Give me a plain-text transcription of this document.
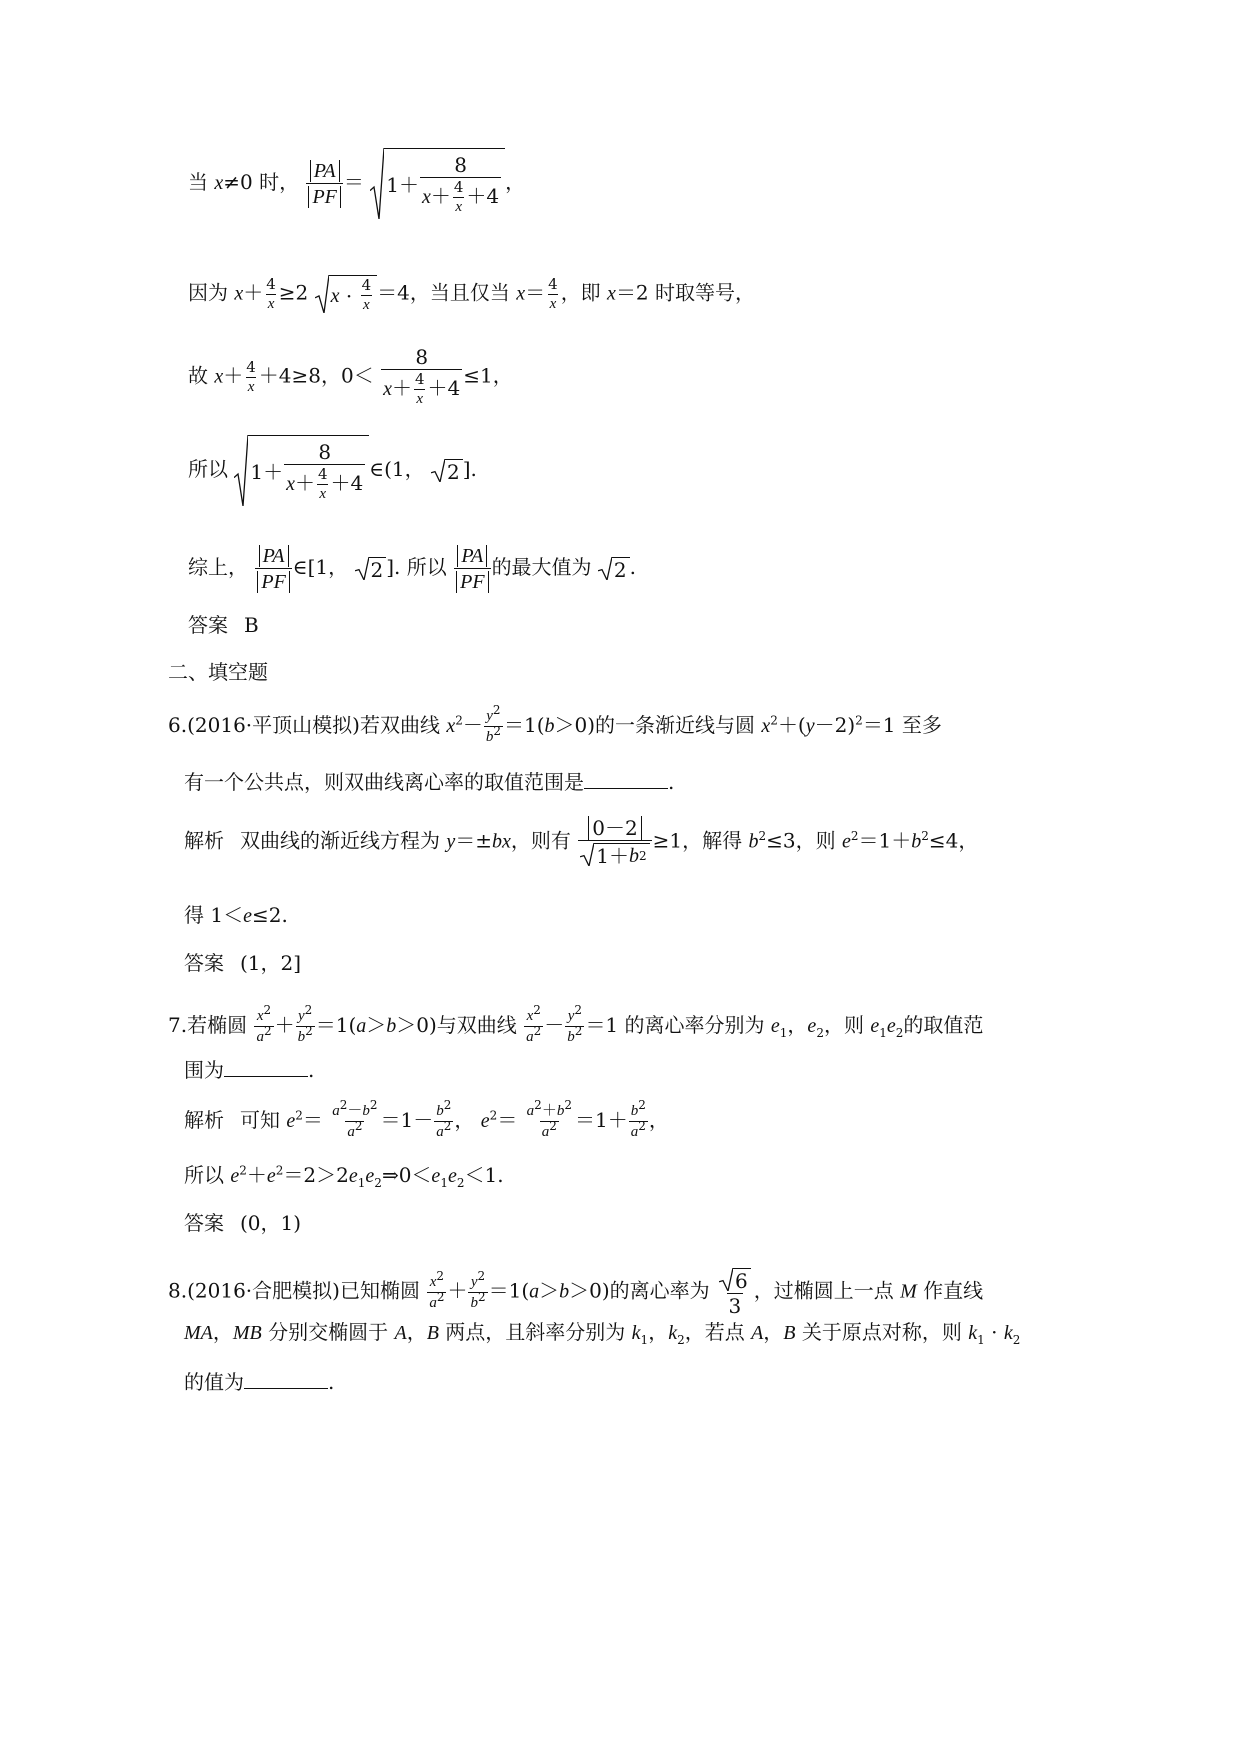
当 x≠0 时， $\frac{PA}{PF} = 1+ \frac{8}{x+ \frac{4}{x} +4}$ ，
因为 $x+ \frac{4}{x} \ge 2$ x
·
$\frac{4}{x} =4$，当且仅当 $x= \frac{4}{x}$ ，即 x＝2 时取等号，
故 $x+ \frac{4}{x} +4\ge 8$，$0< \frac{8}{x+ \frac{4}{x} +4} \le 1$，
所以 $1+ \frac{8}{x+ \frac{4}{x} +4}$ ∈(1， 2 ].
综上， $\frac{PA}{PF}$ ∈[1， 2 ]. 所以 $\frac{PA}{PF}$ 的最大值为 2 .
答案 B
二、填空题
6.(2016·平顶山模拟)若双曲线 $x^2- \frac{y^2}{b^2} =1(b>0)$的一条渐近线与圆 $x^2+(y-2)^2=1$ 至多
有一个公共点，则双曲线离心率的取值范围是	.
解析 双曲线的渐近线方程为 y＝±bx，则有 $\frac{0-2}{1+ b 2} \ge 1$，解得 $b^2\le 3$，则 $e^2=1+b^2\le 4$，
得 1＜e≤2.
答案 (1，2]
7.若椭圆 $\frac{x^2}{a^2} + \frac{y^2}{b^2} =1(a>b>0)$与双曲线 $\frac{x^2}{a^2} - \frac{y^2}{b^2} =1$ 的离心率分别为 $e_1$，$e_2$，则 $e_1e_2$的取值范
围为	.
解析 可知 $e^2= \frac{a^2-b^2}{a^2} =1- \frac{b^2}{a^2}$ ， $e^2= \frac{a^2+b^2}{a^2} =1+ \frac{b^2}{a^2}$ ，
所以 $e^2+e^2=2>2e_1e_2\Rightarrow 0<e_1e_2<1$.
答案 (0，1)
8.(2016·合肥模拟)已知椭圆 $\frac{x^2}{a^2} + \frac{y^2}{b^2} =1(a>b>0)$的离心率为 $\frac{6}{3}$ ，过椭圆上一点 M 作直线
MA，MB 分别交椭圆于 A，B 两点，且斜率分别为 $k_1$，$k_2$，若点 A，B 关于原点对称，则 $k_1 \cdot k_2$
的值为	.
